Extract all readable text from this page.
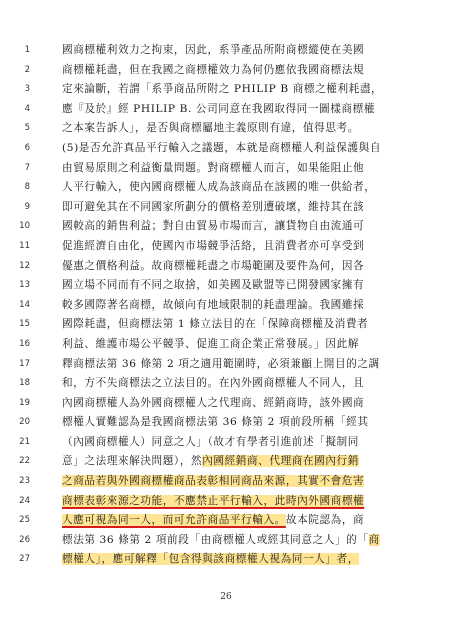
1	國商標權利效力之拘束，因此，系爭產品所附商標縱使在美國
2	商標權耗盡，但在我國之商標權效力為何仍應依我國商標法規
3	定來論斷，若謂「系爭商品所附之 PHILIP B 商標之權利耗盡，
4	應『及於』經 PHILIP B. 公司同意在我國取得同一圖樣商標權
5	之本案告訴人」，是否與商標屬地主義原則有違，值得思考。
6	(5)是否允許真品平行輸入之議題，本就是商標權人利益保護與自
7	由貿易原則之利益衡量問題。對商標權人而言，如果能阻止他
8	人平行輸入，使內國商標權人成為該商品在該國的唯一供給者，
9	即可避免其在不同國家所劃分的價格差別遭破壞，維持其在該
10	國較高的銷售利益；對自由貿易市場而言，讓貨物自由流通可
11	促進經濟自由化，使國內市場競爭活絡，且消費者亦可享受到
12	優惠之價格利益。故商標權耗盡之市場範圍及要件為何，因各
13	國立場不同而有不同之取捨，如美國及歐盟等已開發國家擁有
14	較多國際著名商標，故傾向有地域限制的耗盡理論。我國雖採
15	國際耗盡，但商標法第 1 條立法目的在「保障商標權及消費者
16	利益、維護市場公平競爭、促進工商企業正常發展。」因此解
17	釋商標法第 36 條第 2 項之適用範圍時，必須兼顧上開目的之調
18	和，方不失商標法之立法目的。在內外國商標權人不同人，且
19	內國商標權人為外國商標權人之代理商、經銷商時，該外國商
20	標權人實難認為是我國商標法第 36 條第 2 項前段所稱「經其
21	（內國商標權人）同意之人」（故才有學者引進前述「擬制同
22	意」之法理來解決問題），然內國經銷商、代理商在國內行銷
23	之商品若與外國商標權商品表彰相同商品來源，其實不會危害
24	商標表彰來源之功能，不應禁止平行輸入，此時內外國商標權
25	人應可視為同一人，而可允許商品平行輸入。故本院認為，商
26	標法第 36 條第 2 項前段「由商標權人或經其同意之人」的「商
27	標權人」，應可解釋「包含得與該商標權人視為同一人」者，
26
